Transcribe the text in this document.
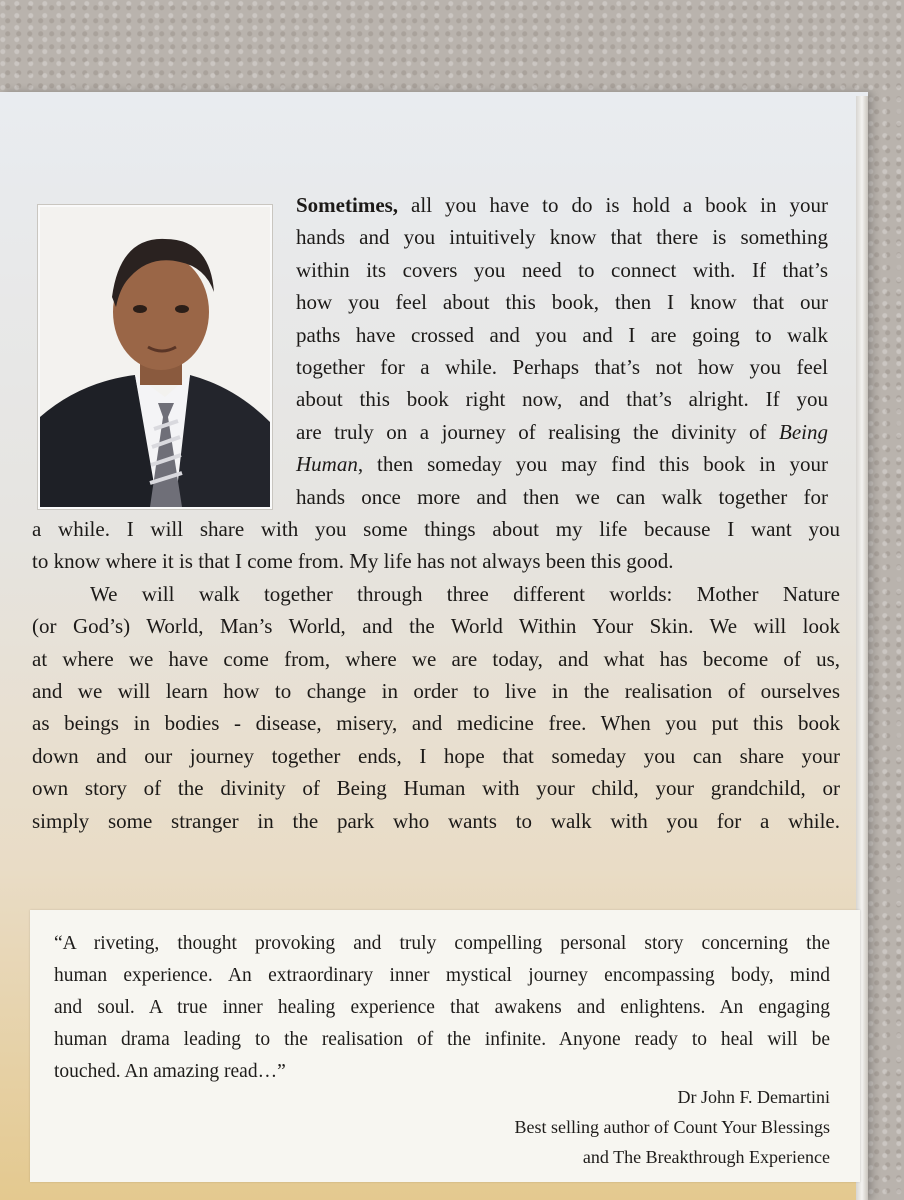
Sometimes, all you have to do is hold a book in your
hands and you intuitively know that there is something
within its covers you need to connect with. If that’s
how you feel about this book, then I know that our
paths have crossed and you and I are going to walk
together for a while. Perhaps that’s not how you feel
about this book right now, and that’s alright. If you
are truly on a journey of realising the divinity of Being
Human, then someday you may find this book in your
hands once more and then we can walk together for
a while. I will share with you some things about my life because I want you
to know where it is that I come from. My life has not always been this good.
We will walk together through three different worlds: Mother Nature
(or God’s) World, Man’s World, and the World Within Your Skin. We will look
at where we have come from, where we are today, and what has become of us,
and we will learn how to change in order to live in the realisation of ourselves
as beings in bodies - disease, misery, and medicine free. When you put this book
down and our journey together ends, I hope that someday you can share your
own story of the divinity of Being Human with your child, your grandchild, or
simply some stranger in the park who wants to walk with you for a while.
“A riveting, thought provoking and truly compelling personal story concerning the
human experience. An extraordinary inner mystical journey encompassing body, mind
and soul. A true inner healing experience that awakens and enlightens. An engaging
human drama leading to the realisation of the infinite. Anyone ready to heal will be
touched. An amazing read…”
Dr John F. Demartini
Best selling author of Count Your Blessings
and The Breakthrough Experience
